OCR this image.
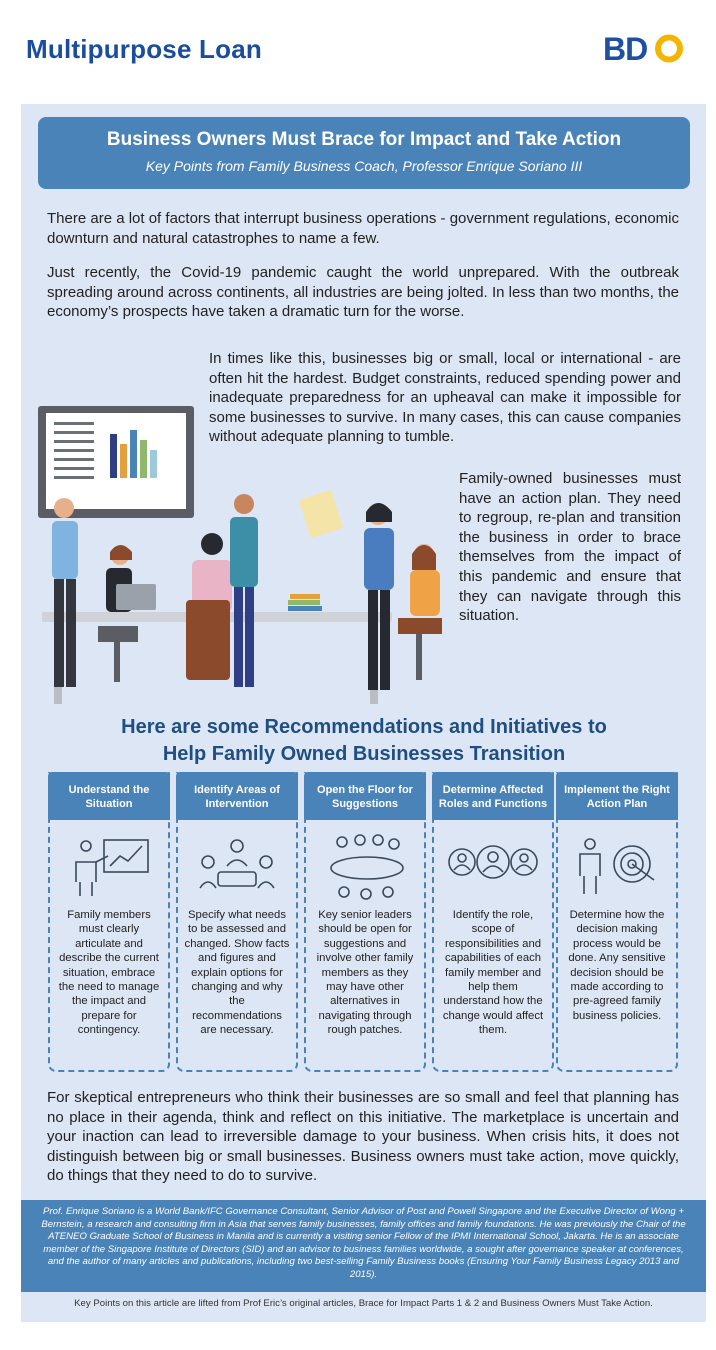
Multipurpose Loan	BD
Business Owners Must Brace for Impact and Take Action
Key Points from Family Business Coach, Professor Enrique Soriano III
There are a lot of factors that interrupt business operations - government regulations, economic downturn and natural catastrophes to name a few.
Just recently, the Covid-19 pandemic caught the world unprepared. With the outbreak spreading around across continents, all industries are being jolted. In less than two months, the economy’s prospects have taken a dramatic turn for the worse.
In times like this, businesses big or small, local or international - are often hit the hardest. Budget constraints, reduced spending power and inadequate preparedness for an upheaval can make it impossible for some businesses to survive. In many cases, this can cause companies without adequate planning to tumble.
Family-owned businesses must have an action plan. They need to regroup, re-plan and transition the business in order to brace themselves from the impact of this pandemic and ensure that they can navigate through this situation.
Here are some Recommendations and Initiatives to
Help Family Owned Businesses Transition
Understand the Situation
Family members must clearly articulate and describe the current situation, embrace the need to manage the impact and prepare for contingency.
Identify Areas of Intervention
Specify what needs to be assessed and changed. Show facts and figures and explain options for changing and why the recommendations are necessary.
Open the Floor for Suggestions
Key senior leaders should be open for suggestions and involve other family members as they may have other alternatives in navigating through rough patches.
Determine Affected Roles and Functions
Identify the role, scope of responsibilities and capabilities of each family member and help them understand how the change would affect them.
Implement the Right Action Plan
Determine how the decision making process would be done. Any sensitive decision should be made according to pre-agreed family business policies.
For skeptical entrepreneurs who think their businesses are so small and feel that planning has no place in their agenda, think and reflect on this initiative. The marketplace is uncertain and your inaction can lead to irreversible damage to your business. When crisis hits, it does not distinguish between big or small businesses. Business owners must take action, move quickly, do things that they need to do to survive.
Prof. Enrique Soriano is a World Bank/IFC Governance Consultant, Senior Advisor of Post and Powell Singapore and the Executive Director of Wong + Bernstein, a research and consulting firm in Asia that serves family businesses, family offices and family foundations. He was previously the Chair of the ATENEO Graduate School of Business in Manila and is currently a visiting senior Fellow of the IPMI International School, Jakarta. He is an associate member of the Singapore Institute of Directors (SID) and an advisor to business families worldwide, a sought after governance speaker at conferences, and the author of many articles and publications, including two best-selling Family Business books (Ensuring Your Family Business Legacy 2013 and 2015).
Key Points on this article are lifted from Prof Eric’s original articles, Brace for Impact Parts 1 & 2 and Business Owners Must Take Action.
